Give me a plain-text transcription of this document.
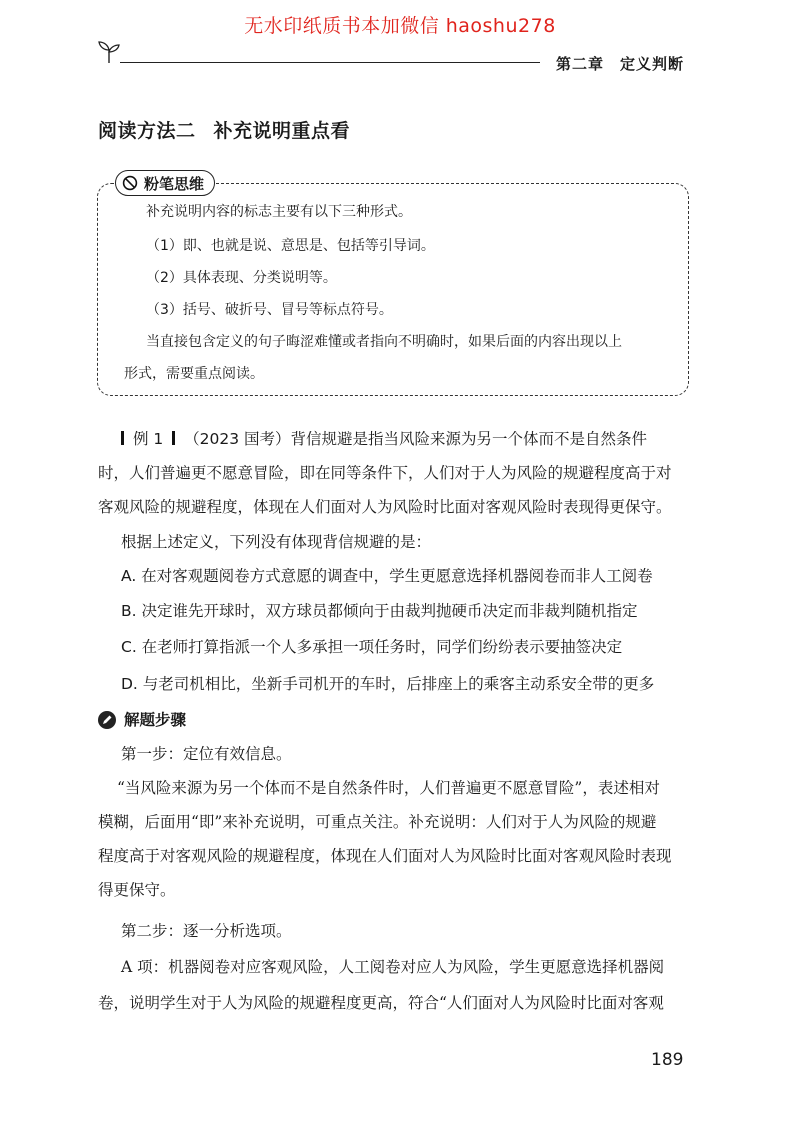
无水印纸质书本加微信 haoshu278
第二章 定义判断
阅读方法二 补充说明重点看
粉笔思维
补充说明内容的标志主要有以下三种形式。
（1）即、也就是说、意思是、包括等引导词。
（2）具体表现、分类说明等。
（3）括号、破折号、冒号等标点符号。
当直接包含定义的句子晦涩难懂或者指向不明确时，如果后面的内容出现以上
形式，需要重点阅读。
例 1 （2023 国考）背信规避是指当风险来源为另一个体而不是自然条件
时，人们普遍更不愿意冒险，即在同等条件下，人们对于人为风险的规避程度高于对
客观风险的规避程度，体现在人们面对人为风险时比面对客观风险时表现得更保守。
根据上述定义，下列没有体现背信规避的是：
A. 在对客观题阅卷方式意愿的调查中，学生更愿意选择机器阅卷而非人工阅卷
B. 决定谁先开球时，双方球员都倾向于由裁判抛硬币决定而非裁判随机指定
C. 在老师打算指派一个人多承担一项任务时，同学们纷纷表示要抽签决定
D. 与老司机相比，坐新手司机开的车时，后排座上的乘客主动系安全带的更多
解题步骤
第一步：定位有效信息。
“当风险来源为另一个体而不是自然条件时，人们普遍更不愿意冒险”，表述相对
模糊，后面用“即”来补充说明，可重点关注。补充说明：人们对于人为风险的规避
程度高于对客观风险的规避程度，体现在人们面对人为风险时比面对客观风险时表现
得更保守。
第二步：逐一分析选项。
A 项：机器阅卷对应客观风险，人工阅卷对应人为风险，学生更愿意选择机器阅
卷，说明学生对于人为风险的规避程度更高，符合“人们面对人为风险时比面对客观
189
